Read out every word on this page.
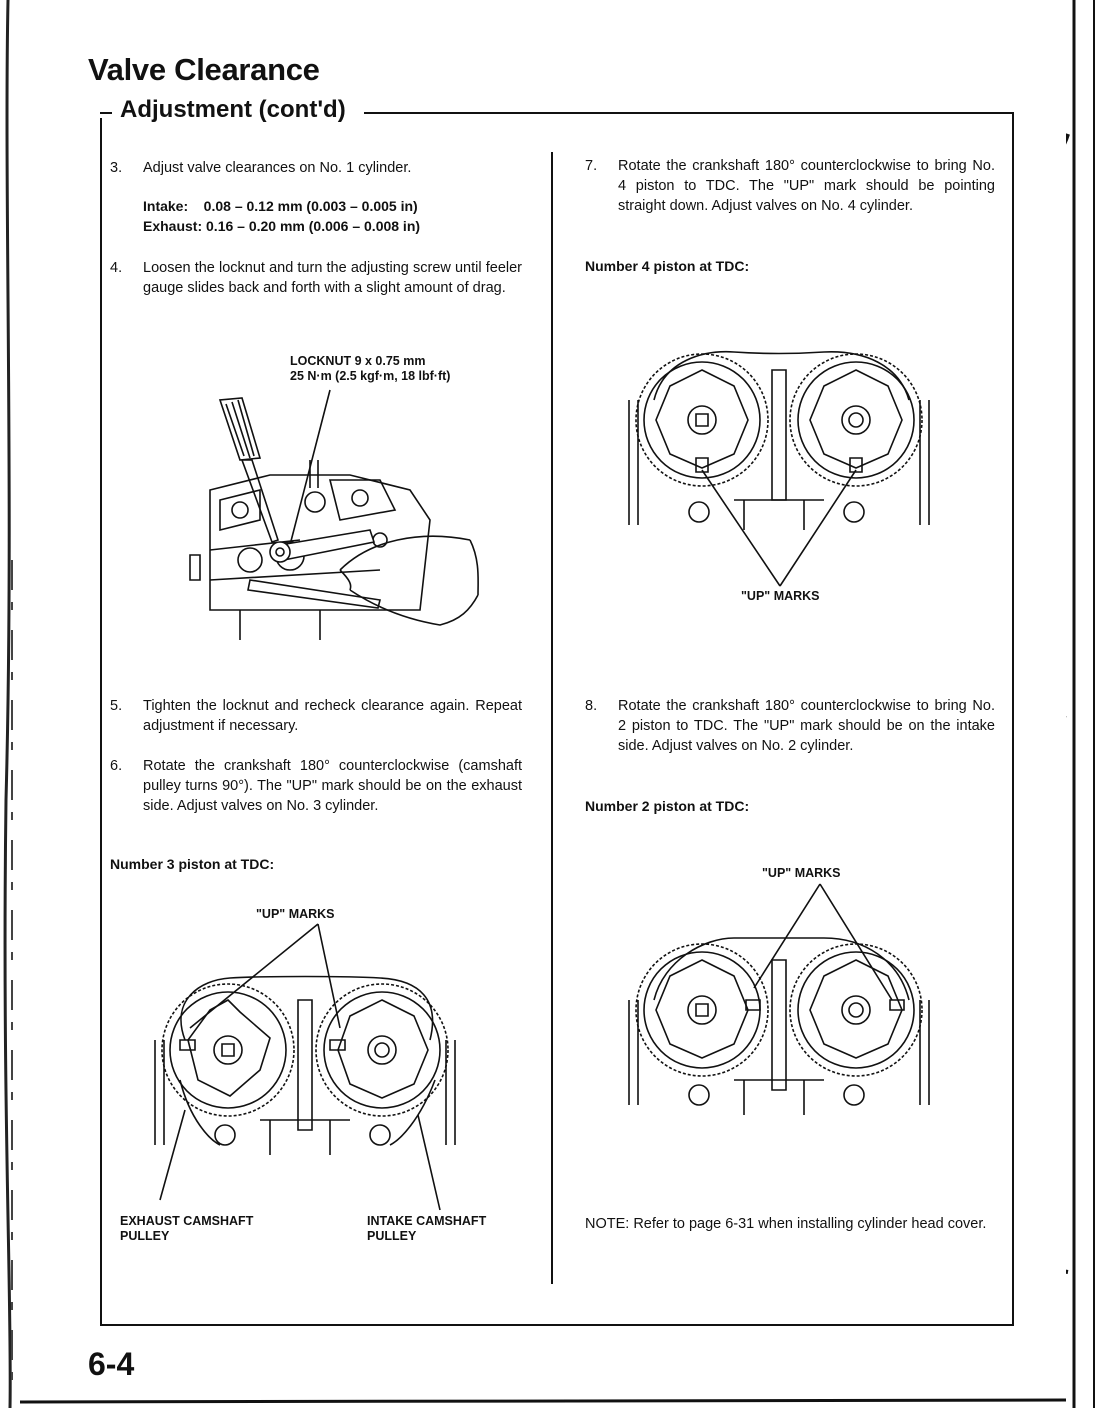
Valve Clearance
Adjustment (cont'd)
3. Adjust valve clearances on No. 1 cylinder.
Intake:    0.08 – 0.12 mm (0.003 – 0.005 in)
Exhaust: 0.16 – 0.20 mm (0.006 – 0.008 in)
4. Loosen the locknut and turn the adjusting screw until feeler gauge slides back and forth with a slight amount of drag.
LOCKNUT 9 x 0.75 mm
25 N·m (2.5 kgf·m, 18 lbf·ft)
5. Tighten the locknut and recheck clearance again. Repeat adjustment if necessary.
6. Rotate the crankshaft 180° counterclockwise (camshaft pulley turns 90°). The "UP" mark should be on the exhaust side. Adjust valves on No. 3 cylinder.
Number 3 piston at TDC:
"UP" MARKS
EXHAUST CAMSHAFT
PULLEY
INTAKE CAMSHAFT
PULLEY
7. Rotate the crankshaft 180° counterclockwise to bring No. 4 piston to TDC. The "UP" mark should be pointing straight down. Adjust valves on No. 4 cylinder.
Number 4 piston at TDC:
"UP" MARKS
8. Rotate the crankshaft 180° counterclockwise to bring No. 2 piston to TDC. The "UP" mark should be on the intake side. Adjust valves on No. 2 cylinder.
Number 2 piston at TDC:
"UP" MARKS
NOTE: Refer to page 6-31 when installing cylinder head cover.
6-4
